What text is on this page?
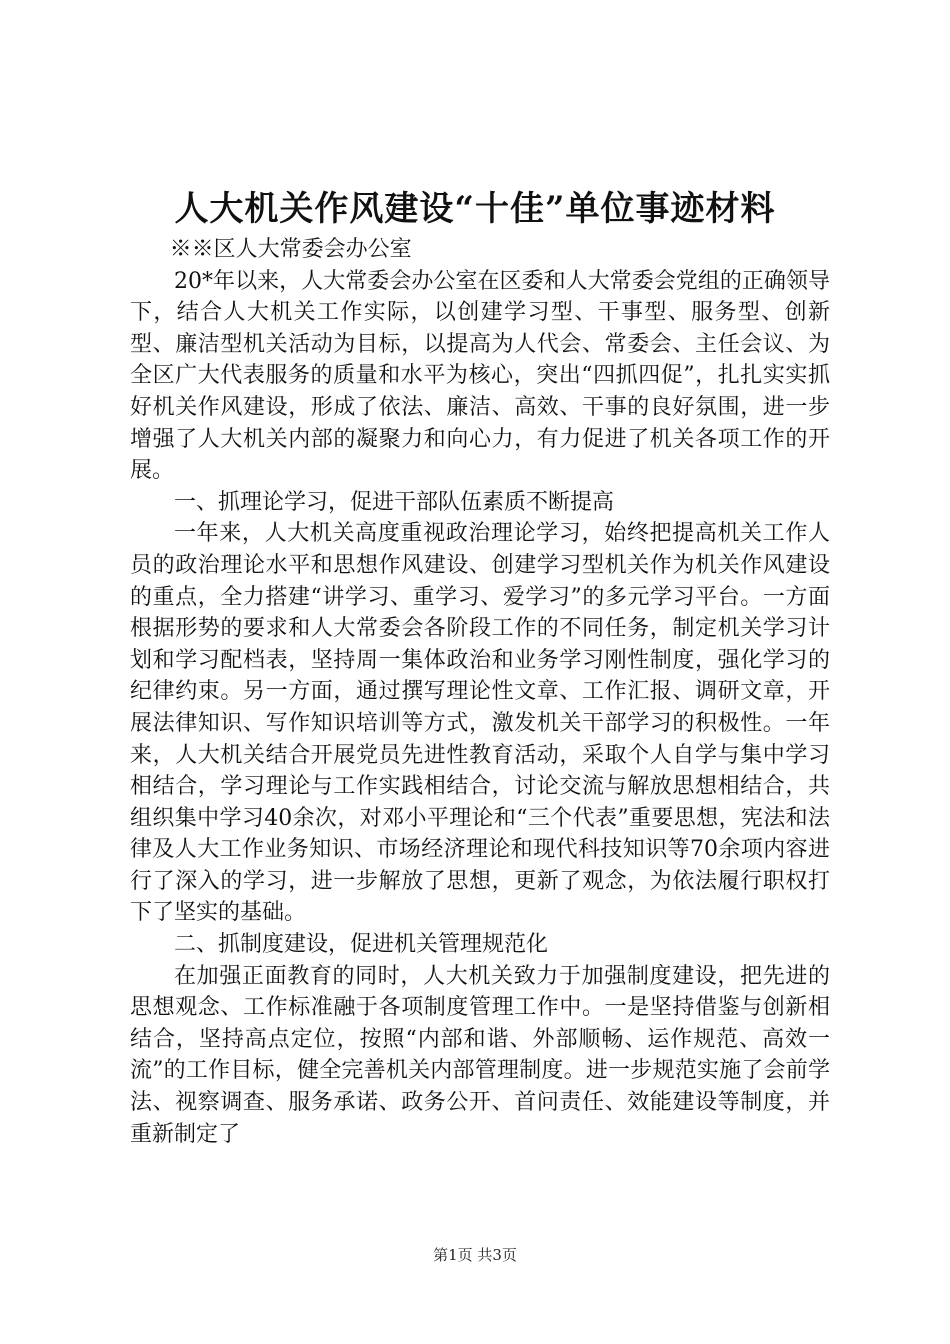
人大机关作风建设“十佳”单位事迹材料

※※区人大常委会办公室

20*年以来，人大常委会办公室在区委和人大常委会党组的正确领导下，结合人大机关工作实际，以创建学习型、干事型、服务型、创新型、廉洁型机关活动为目标，以提高为人代会、常委会、主任会议、为全区广大代表服务的质量和水平为核心，突出“四抓四促”，扎扎实实抓好机关作风建设，形成了依法、廉洁、高效、干事的良好氛围，进一步增强了人大机关内部的凝聚力和向心力，有力促进了机关各项工作的开展。

一、抓理论学习，促进干部队伍素质不断提高

一年来，人大机关高度重视政治理论学习，始终把提高机关工作人员的政治理论水平和思想作风建设、创建学习型机关作为机关作风建设的重点，全力搭建“讲学习、重学习、爱学习”的多元学习平台。一方面根据形势的要求和人大常委会各阶段工作的不同任务，制定机关学习计划和学习配档表，坚持周一集体政治和业务学习刚性制度，强化学习的纪律约束。另一方面，通过撰写理论性文章、工作汇报、调研文章，开展法律知识、写作知识培训等方式，激发机关干部学习的积极性。一年来，人大机关结合开展党员先进性教育活动，采取个人自学与集中学习相结合，学习理论与工作实践相结合，讨论交流与解放思想相结合，共组织集中学习40余次，对邓小平理论和“三个代表”重要思想，宪法和法律及人大工作业务知识、市场经济理论和现代科技知识等70余项内容进行了深入的学习，进一步解放了思想，更新了观念，为依法履行职权打下了坚实的基础。

二、抓制度建设，促进机关管理规范化

在加强正面教育的同时，人大机关致力于加强制度建设，把先进的思想观念、工作标准融于各项制度管理工作中。一是坚持借鉴与创新相结合，坚持高点定位，按照“内部和谐、外部顺畅、运作规范、高效一流”的工作目标，健全完善机关内部管理制度。进一步规范实施了会前学法、视察调查、服务承诺、政务公开、首问责任、效能建设等制度，并重新制定了

第1页 共3页
